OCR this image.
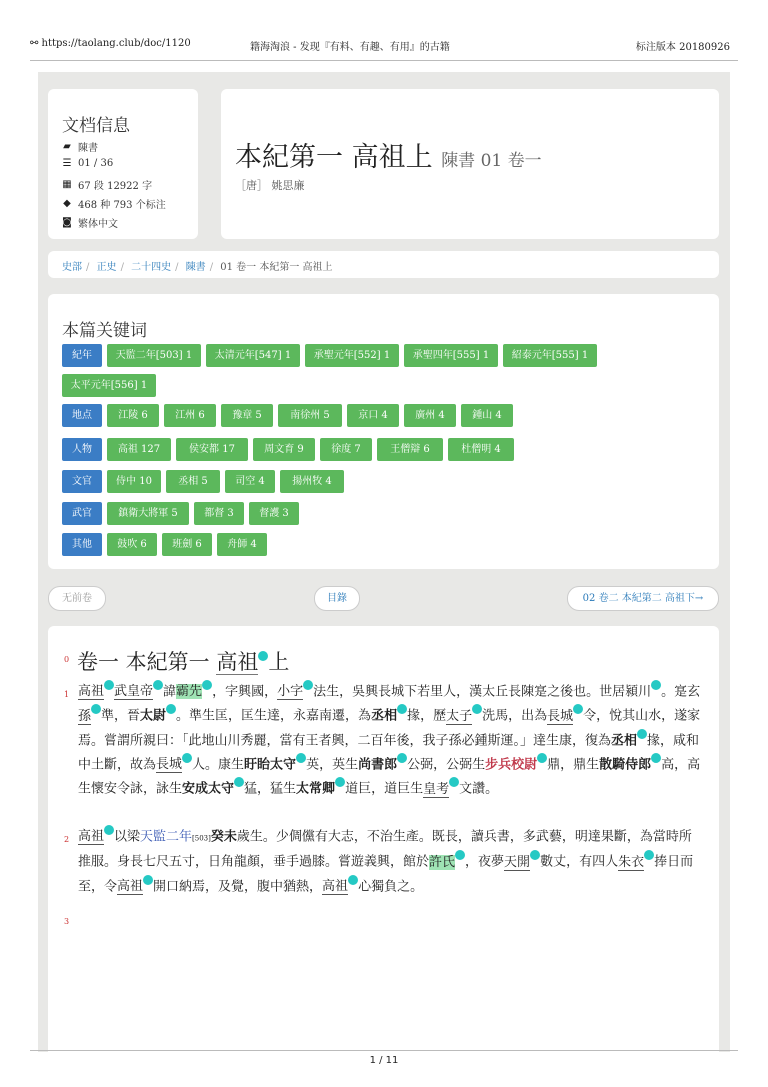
⚯ https://taolang.club/doc/1120	籍海淘浪 - 发现『有料、有趣、有用』的古籍	标注版本 20180926
文档信息
▰ 陳書
☰ 01 / 36
▦ 67 段 12922 字
◆ 468 种 793 个标注
◙ 繁体中文
本紀第一 高祖上 陳書 01 卷一
［唐］ 姚思廉
史部 / 正史 / 二十四史 / 陳書 / 01 卷一 本紀第一 高祖上
本篇关键词
紀年	天監二年[503] 1	太清元年[547] 1	承聖元年[552] 1	承聖四年[555] 1	紹泰元年[555] 1
太平元年[556] 1
地点	江陵 6	江州 6	豫章 5	南徐州 5	京口 4	廣州 4	鍾山 4
人物	高祖 127	侯安都 17	周文育 9	徐度 7	王僧辯 6	杜僧明 4
文官	侍中 10	丞相 5	司空 4	揚州牧 4
武官	鎮衛大將軍 5	都督 3	督護 3
其他	鼓吹 6	班劍 6	舟師 4
无前卷	目錄	02 卷二 本紀第二 高祖下→
0 卷一 本紀第一 高祖 上
1 高祖 武皇帝 諱霸先 ，字興國，小字 法生，吳興長城下若里人，漢太丘長陳寔之後也。世居潁川 。寔玄孫 準，晉太尉 。準生匡，匡生達，永嘉南遷，為丞相 掾，歷太子 洗馬，出為長城 令，悅其山水，遂家焉。嘗謂所親曰：「此地山川秀麗，當有王者興，二百年後，我子孫必鍾斯運。」達生康，復為丞相 掾，咸和中土斷，故為長城 人。康生盱眙太守 英，英生尚書郎 公弼，公弼生步兵校尉 鼎，鼎生散騎侍郎 高，高生懷安令詠，詠生安成太守 猛，猛生太常卿 道巨，道巨生皇考 文讚。
2 高祖 以梁天監二年[503]癸未歲生。少倜儻有大志，不治生產。既長，讀兵書，多武藝，明達果斷，為當時所推服。身長七尺五寸，日角龍顏，垂手過膝。嘗遊義興，館於許氏 ，夜夢天開 數丈，有四人朱衣 捧日而至，令高祖 開口納焉，及覺，腹中猶熱，高祖 心獨負之。
3
1 / 11
